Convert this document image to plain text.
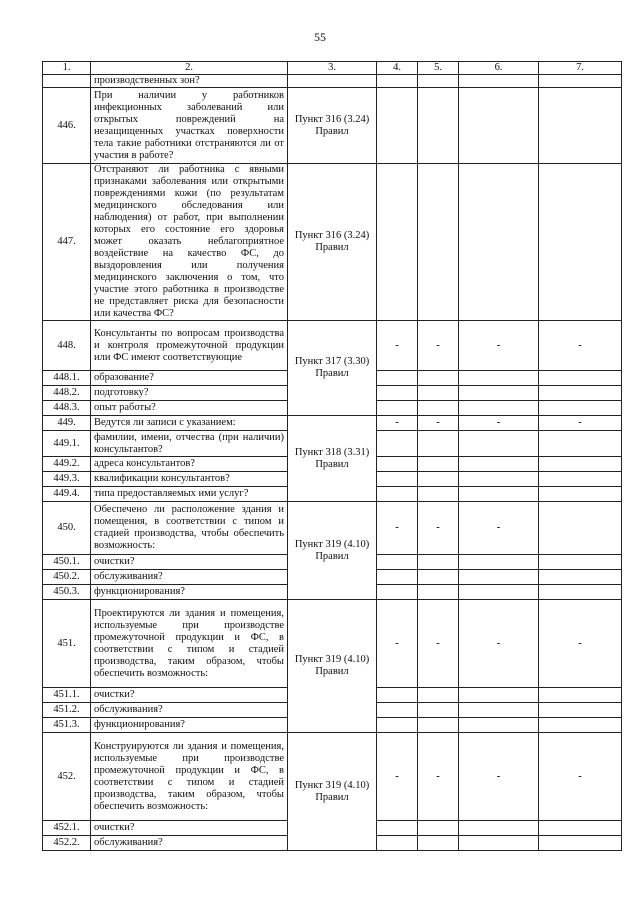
55
1.	2.	3.	4.	5.	6.	7.
	производственных зон?					
446.	При наличии у работников инфекционных заболеваний или открытых повреждений на незащищенных участках поверхности тела такие работники отстраняются ли от участия в работе?	Пункт 316 (3.24) Правил				
447.	Отстраняют ли работника с явными признаками заболевания или открытыми повреждениями кожи (по результатам медицинского обследования или наблюдения) от работ, при выполнении которых его состояние его здоровья может оказать неблагоприятное воздействие на качество ФС, до выздоровления или получения медицинского заключения о том, что участие этого работника в производстве не представляет риска для безопасности или качества ФС?	Пункт 316 (3.24) Правил				
448.	Консультанты по вопросам производства и контроля промежуточной продукции или ФС имеют соответствующие	Пункт 317 (3.30) Правил	-	-	-	-
448.1.	образование?					
448.2.	подготовку?					
448.3.	опыт работы?					
449.	Ведутся ли записи с указанием:	Пункт 318 (3.31) Правил	-	-	-	-
449.1.	фамилии, имени, отчества (при наличии) консультантов?					
449.2.	адреса консультантов?					
449.3.	квалификации консультантов?					
449.4.	типа предоставляемых ими услуг?					
450.	Обеспечено ли расположение здания и помещения, в соответствии с типом и стадией производства, чтобы обеспечить возможность:	Пункт 319 (4.10) Правил	-	-	-	
450.1.	очистки?					
450.2.	обслуживания?					
450.3.	функционирования?					
451.	Проектируются ли здания и помещения, используемые при производстве промежуточной продукции и ФС, в соответствии с типом и стадией производства, таким образом, чтобы обеспечить возможность:	Пункт 319 (4.10) Правил	-	-	-	-
451.1.	очистки?					
451.2.	обслуживания?					
451.3.	функционирования?					
452.	Конструируются ли здания и помещения, используемые при производстве промежуточной продукции и ФС, в соответствии с типом и стадией производства, таким образом, чтобы обеспечить возможность:	Пункт 319 (4.10) Правил	-	-	-	-
452.1.	очистки?					
452.2.	обслуживания?					
